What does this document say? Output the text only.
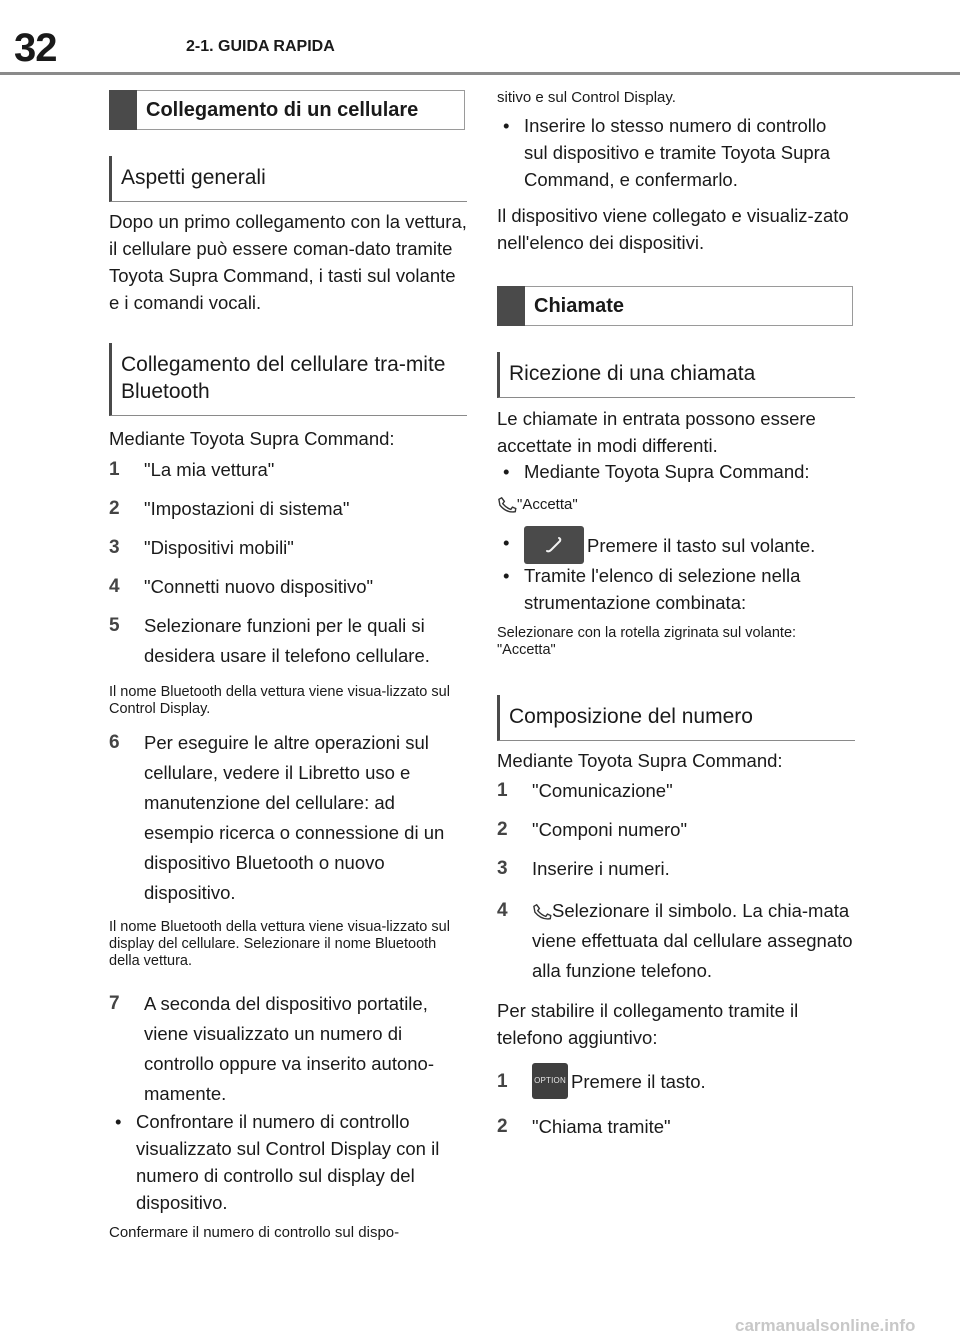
32	2-1. GUIDA RAPIDA
Collegamento di un cellulare
Aspetti generali
Dopo un primo collegamento con la vettura, il cellulare può essere coman-dato tramite Toyota Supra Command, i tasti sul volante e i comandi vocali.
Collegamento del cellulare tra-mite Bluetooth
Mediante Toyota Supra Command:
1	"La mia vettura"
2	"Impostazioni di sistema"
3	"Dispositivi mobili"
4	"Connetti nuovo dispositivo"
5	Selezionare funzioni per le quali si desidera usare il telefono cellulare.
Il nome Bluetooth della vettura viene visua-lizzato sul Control Display.
6	Per eseguire le altre operazioni sul cellulare, vedere il Libretto uso e manutenzione del cellulare: ad esempio ricerca o connessione di un dispositivo Bluetooth o nuovo dispositivo.
Il nome Bluetooth della vettura viene visua-lizzato sul display del cellulare. Selezionare il nome Bluetooth della vettura.
7	A seconda del dispositivo portatile, viene visualizzato un numero di controllo oppure va inserito autono-mamente.
• Confrontare il numero di controllo visualizzato sul Control Display con il numero di controllo sul display del dispositivo.
Confermare il numero di controllo sul dispo-
sitivo e sul Control Display.
• Inserire lo stesso numero di controllo sul dispositivo e tramite Toyota Supra Command, e confermarlo.
Il dispositivo viene collegato e visualiz-zato nell'elenco dei dispositivi.
Chiamate
Ricezione di una chiamata
Le chiamate in entrata possono essere accettate in modi differenti.
• Mediante Toyota Supra Command:
"Accetta"
•	Premere il tasto sul volante.
• Tramite l'elenco di selezione nella strumentazione combinata:
Selezionare con la rotella zigrinata sul volante: "Accetta"
Composizione del numero
Mediante Toyota Supra Command:
1	"Comunicazione"
2	"Componi numero"
3	Inserire i numeri.
4	Selezionare il simbolo. La chia-mata viene effettuata dal cellulare assegnato alla funzione telefono.
Per stabilire il collegamento tramite il telefono aggiuntivo:
1	OPTION Premere il tasto.
2	"Chiama tramite"
carmanualsonline.info
